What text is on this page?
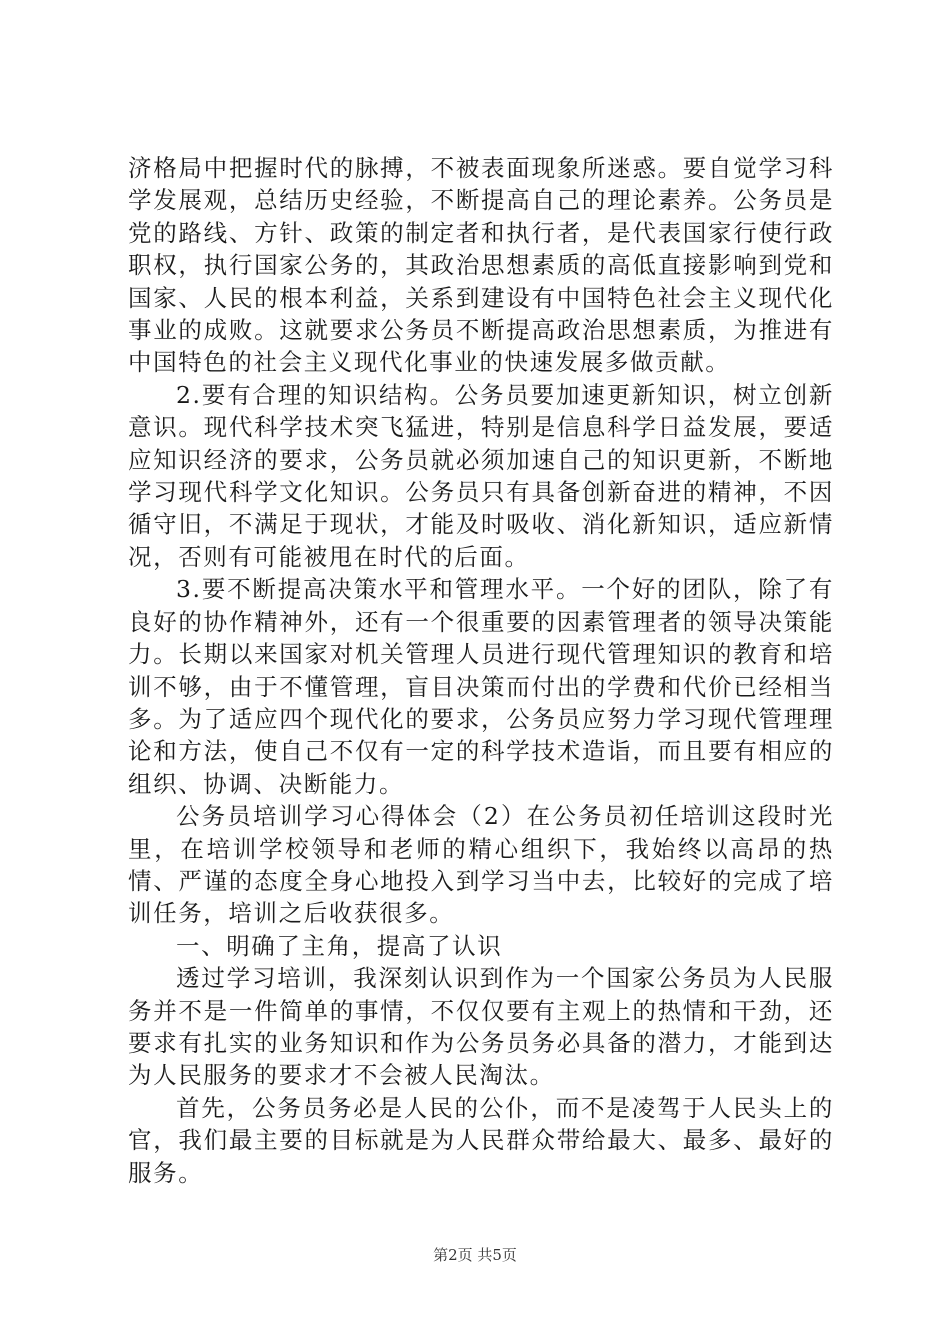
济格局中把握时代的脉搏，不被表面现象所迷惑。要自觉学习科学发展观，总结历史经验，不断提高自己的理论素养。公务员是党的路线、方针、政策的制定者和执行者，是代表国家行使行政职权，执行国家公务的，其政治思想素质的高低直接影响到党和国家、人民的根本利益，关系到建设有中国特色社会主义现代化事业的成败。这就要求公务员不断提高政治思想素质，为推进有中国特色的社会主义现代化事业的快速发展多做贡献。

2.要有合理的知识结构。公务员要加速更新知识，树立创新意识。现代科学技术突飞猛进，特别是信息科学日益发展，要适应知识经济的要求，公务员就必须加速自己的知识更新，不断地学习现代科学文化知识。公务员只有具备创新奋进的精神，不因循守旧，不满足于现状，才能及时吸收、消化新知识，适应新情况，否则有可能被甩在时代的后面。

3.要不断提高决策水平和管理水平。一个好的团队，除了有良好的协作精神外，还有一个很重要的因素管理者的领导决策能力。长期以来国家对机关管理人员进行现代管理知识的教育和培训不够，由于不懂管理，盲目决策而付出的学费和代价已经相当多。为了适应四个现代化的要求，公务员应努力学习现代管理理论和方法，使自己不仅有一定的科学技术造诣，而且要有相应的组织、协调、决断能力。

公务员培训学习心得体会（2）在公务员初任培训这段时光里，在培训学校领导和老师的精心组织下，我始终以高昂的热情、严谨的态度全身心地投入到学习当中去，比较好的完成了培训任务，培训之后收获很多。

一、明确了主角，提高了认识

透过学习培训，我深刻认识到作为一个国家公务员为人民服务并不是一件简单的事情，不仅仅要有主观上的热情和干劲，还要求有扎实的业务知识和作为公务员务必具备的潜力，才能到达为人民服务的要求才不会被人民淘汰。

首先，公务员务必是人民的公仆，而不是凌驾于人民头上的官，我们最主要的目标就是为人民群众带给最大、最多、最好的服务。

第2页 共5页
